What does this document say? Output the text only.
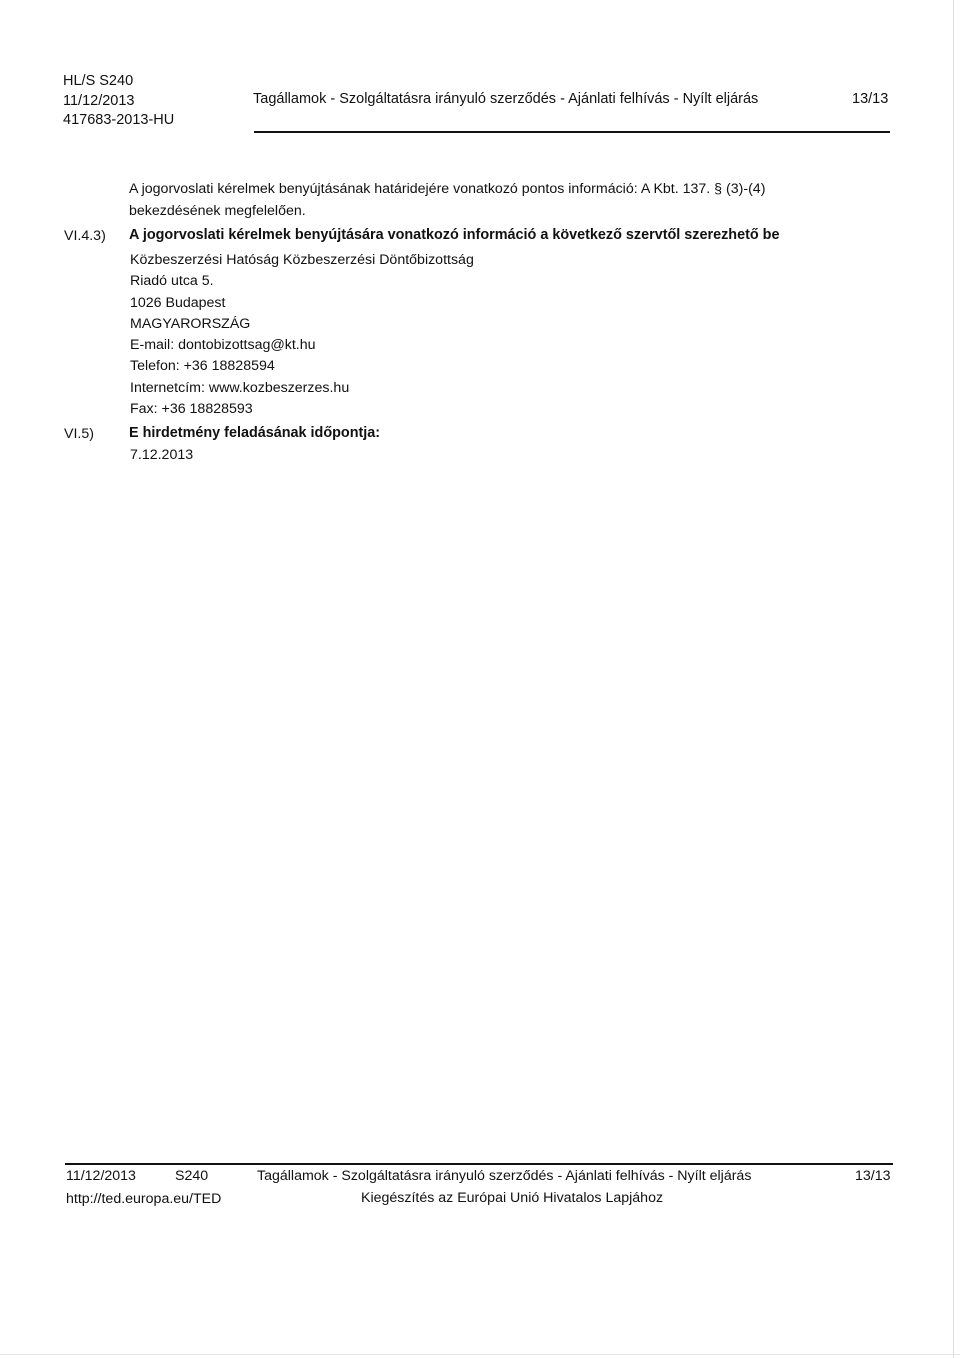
HL/S S240
11/12/2013
417683-2013-HU
Tagállamok - Szolgáltatásra irányuló szerződés - Ajánlati felhívás - Nyílt eljárás	13/13
A jogorvoslati kérelmek benyújtásának határidejére vonatkozó pontos információ: A Kbt. 137. § (3)-(4)
bekezdésének megfelelően.
VI.4.3) A jogorvoslati kérelmek benyújtására vonatkozó információ a következő szervtől szerezhető be
Közbeszerzési Hatóság Közbeszerzési Döntőbizottság
Riadó utca 5.
1026 Budapest
MAGYARORSZÁG
E-mail: dontobizottsag@kt.hu
Telefon: +36 18828594
Internetcím: www.kozbeszerzes.hu
Fax: +36 18828593
VI.5) E hirdetmény feladásának időpontja:
7.12.2013
11/12/2013	S240	Tagállamok - Szolgáltatásra irányuló szerződés - Ajánlati felhívás - Nyílt eljárás	13/13
http://ted.europa.eu/TED	Kiegészítés az Európai Unió Hivatalos Lapjához
